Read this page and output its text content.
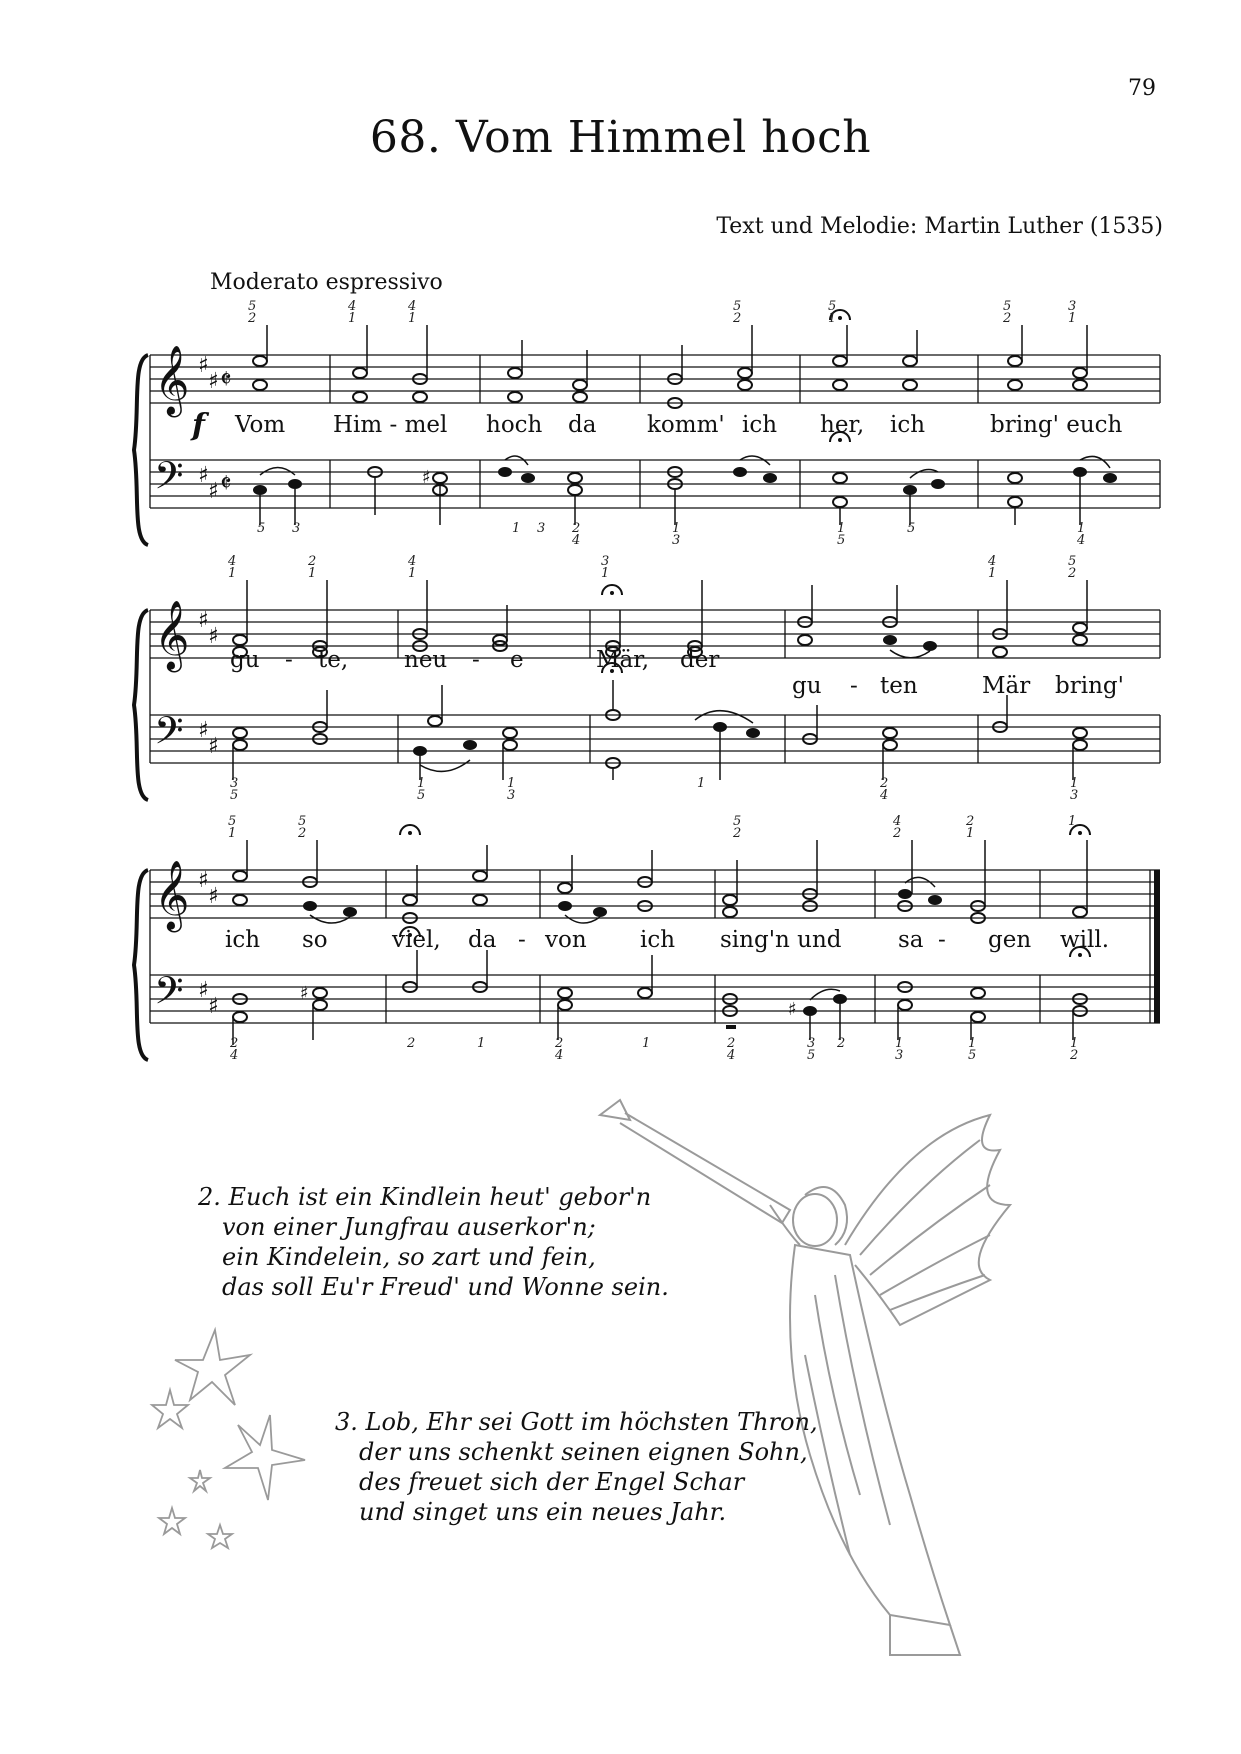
79
68. Vom Himmel hoch
Text und Melodie: Martin Luther (1535)
Moderato espressivo
𝄞
𝄢
♯
♯
♯
♯
𝄵
𝄵	♯
5
2
4
1
4
1
5
2
5
1
5
2
3
1
5 3	1 3 2
4
1
3
1
5
5	1
4
f Vom Him - mel hoch da komm' ich her, ich	bring' euch
𝄞
𝄢
♯
♯
♯
♯
4
1
2
1
4
1
3
1
4
1
5
2
3
5
1
5
1
3
1	2
4
1
3
gu - te, neu - e	Mär, der
gu - ten	Mär bring'
𝄞
𝄢
♯
♯
♯
♯
♯
♯
5
1
5
2
5
2
4
2
2
1
1
2
4
2	1	2
4
1	2
4
3
5
2	1
3
1
5
1
2
ich so	viel, da - von ich sing'n und sa - gen will.
2. Euch ist ein Kindlein heut' gebor'n
von einer Jungfrau auserkor'n;
ein Kindelein, so zart und fein,
das soll Eu'r Freud' und Wonne sein.
3. Lob, Ehr sei Gott im höchsten Thron,
der uns schenkt seinen eignen Sohn,
des freuet sich der Engel Schar
und singet uns ein neues Jahr.
